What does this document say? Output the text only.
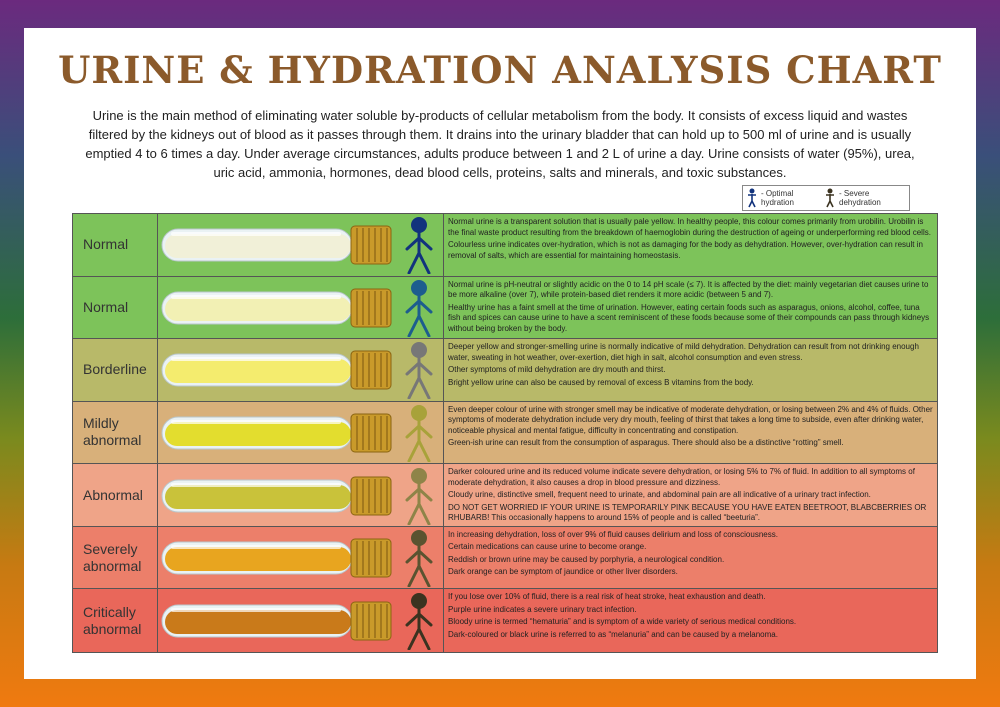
URINE & HYDRATION ANALYSIS CHART
Urine is the main method of eliminating water soluble by-products of cellular metabolism from the body. It consists of excess liquid and wastes filtered by the kidneys out of blood as it passes through them. It drains into the urinary bladder that can hold up to 500 ml of urine and is usually emptied 4 to 6 times a day. Under average circumstances, adults produce between 1 and 2 L of urine a day. Urine consists of water (95%), urea, uric acid, ammonia, hormones, dead blood cells, proteins, salts and minerals, and toxic substances.
- Optimal hydration
- Severe dehydration
Normal

Normal urine is a transparent solution that is usually pale yellow. In healthy people, this colour comes primarily from urobilin. Urobilin is the final waste product resulting from the breakdown of haemoglobin during the destruction of ageing or underperforming red blood cells.

Colourless urine indicates over-hydration, which is not as damaging for the body as dehydration. However, over-hydration can result in removal of salts, which are essential for maintaining homeostasis.

Normal

Normal urine is pH-neutral or slightly acidic on the 0 to 14 pH scale (≤ 7). It is affected by the diet: mainly vegetarian diet causes urine to be more alkaline (over 7), while protein-based diet renders it more acidic (between 5 and 7).

Healthy urine has a faint smell at the time of urination. However, eating certain foods such as asparagus, onions, alcohol, coffee, tuna fish and spices can cause urine to have a scent reminiscent of these foods because some of their compounds can pass through kidneys without being broken by the body.

Borderline

Deeper yellow and stronger-smelling urine is normally indicative of mild dehydration. Dehydration can result from not drinking enough water, sweating in hot weather, over-exertion, diet high in salt, alcohol consumption and even stress.

Other symptoms of mild dehydration are dry mouth and thirst.

Bright yellow urine can also be caused by removal of excess B vitamins from the body.

Mildly abnormal

Even deeper colour of urine with stronger smell may be indicative of moderate dehydration, or losing between 2% and 4% of fluids. Other symptoms of moderate dehydration include very dry mouth, feeling of thirst that takes a long time to subside, even after drinking water, noticeable physical and mental fatigue, difficulty in concentrating and constipation.

Green-ish urine can result from the consumption of asparagus. There should also be a distinctive “rotting” smell.

Abnormal

Darker coloured urine and its reduced volume indicate severe dehydration, or losing 5% to 7% of fluid. In addition to all symptoms of moderate dehydration, it also causes a drop in blood pressure and dizziness.

Cloudy urine, distinctive smell, frequent need to urinate, and abdominal pain are all indicative of a urinary tract infection.

DO NOT GET WORRIED IF YOUR URINE IS TEMPORARILY PINK BECAUSE YOU HAVE EATEN BEETROOT, BLABCBERRIES OR RHUBARB! This occasionally happens to around 15% of people and is called “beeturia”.

Severely abnormal

In increasing dehydration, loss of over 9% of fluid causes delirium and loss of consciousness.

Certain medications can cause urine to become orange.

Reddish or brown urine may be caused by porphyria, a neurological condition.

Dark orange can be symptom of jaundice or other liver disorders.

Critically abnormal

If you lose over 10% of fluid, there is a real risk of heat stroke, heat exhaustion and death.

Purple urine indicates a severe urinary tract infection.

Bloody urine is termed “hematuria” and is symptom of a wide variety of serious medical conditions.

Dark-coloured or black urine is referred to as “melanuria” and can be caused by a melanoma.

© C3 LLC 2014. This information is provided for education only and does not constitute medical advice
